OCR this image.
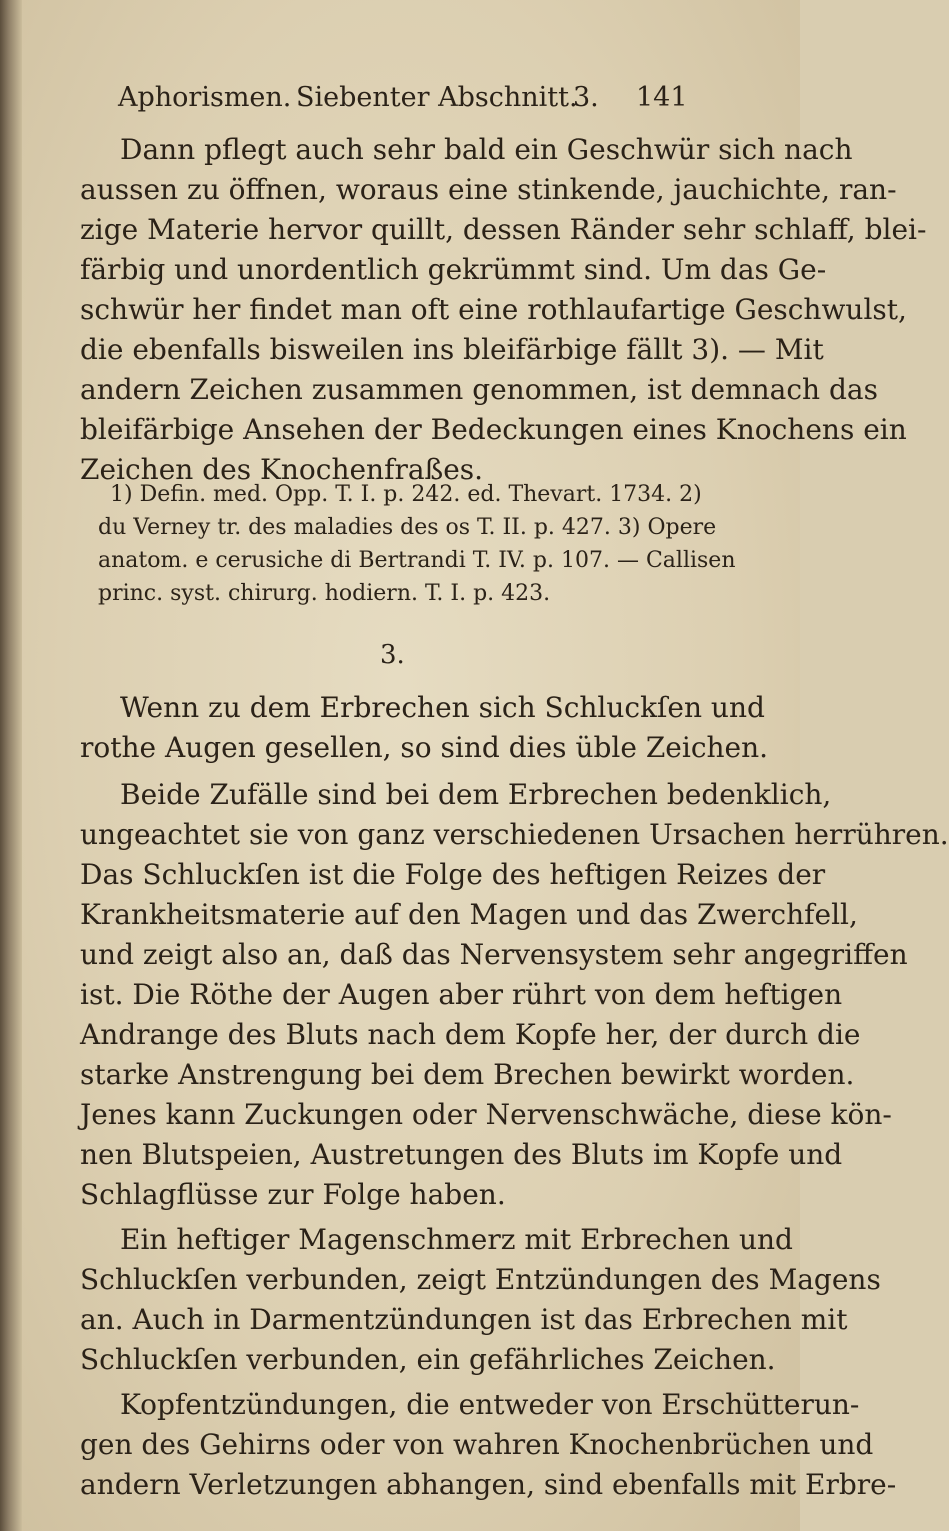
Aphorismen. Siebenter Abschnitt.
3. 141
Dann pflegt auch sehr bald ein Geschwür sich nach
aussen zu öffnen, woraus eine stinkende, jauchichte, ran-
zige Materie hervor quillt, dessen Ränder sehr schlaff, blei-
färbig und unordentlich gekrümmt sind. Um das Ge-
schwür her findet man oft eine rothlaufartige Geschwulst,
die ebenfalls bisweilen ins bleifärbige fällt 3). — Mit
andern Zeichen zusammen genommen, ist demnach das
bleifärbige Ansehen der Bedeckungen eines Knochens ein
Zeichen des Knochenfraßes.
1) Defin. med. Opp. T. I. p. 242. ed. Thevart. 1734. 2)
du Verney tr. des maladies des os T. II. p. 427. 3) Opere
anatom. e cerusiche di Bertrandi T. IV. p. 107. — Callisen
princ. syst. chirurg. hodiern. T. I. p. 423.
3.
Wenn zu dem Erbrechen sich Schluckſen und
rothe Augen gesellen, so sind dies üble Zeichen.
Beide Zufälle sind bei dem Erbrechen bedenklich,
ungeachtet sie von ganz verschiedenen Ursachen herrühren.
Das Schluckſen ist die Folge des heftigen Reizes der
Krankheitsmaterie auf den Magen und das Zwerchfell,
und zeigt also an, daß das Nervensystem sehr angegriffen
ist. Die Röthe der Augen aber rührt von dem heftigen
Andrange des Bluts nach dem Kopfe her, der durch die
starke Anstrengung bei dem Brechen bewirkt worden.
Jenes kann Zuckungen oder Nervenschwäche, diese kön-
nen Blutspeien, Austretungen des Bluts im Kopfe und
Schlagflüsse zur Folge haben.
Ein heftiger Magenschmerz mit Erbrechen und
Schluckſen verbunden, zeigt Entzündungen des Magens
an. Auch in Darmentzündungen ist das Erbrechen mit
Schluckſen verbunden, ein gefährliches Zeichen.
Kopfentzündungen, die entweder von Erschütterun-
gen des Gehirns oder von wahren Knochenbrüchen und
andern Verletzungen abhangen, sind ebenfalls mit Erbre-
